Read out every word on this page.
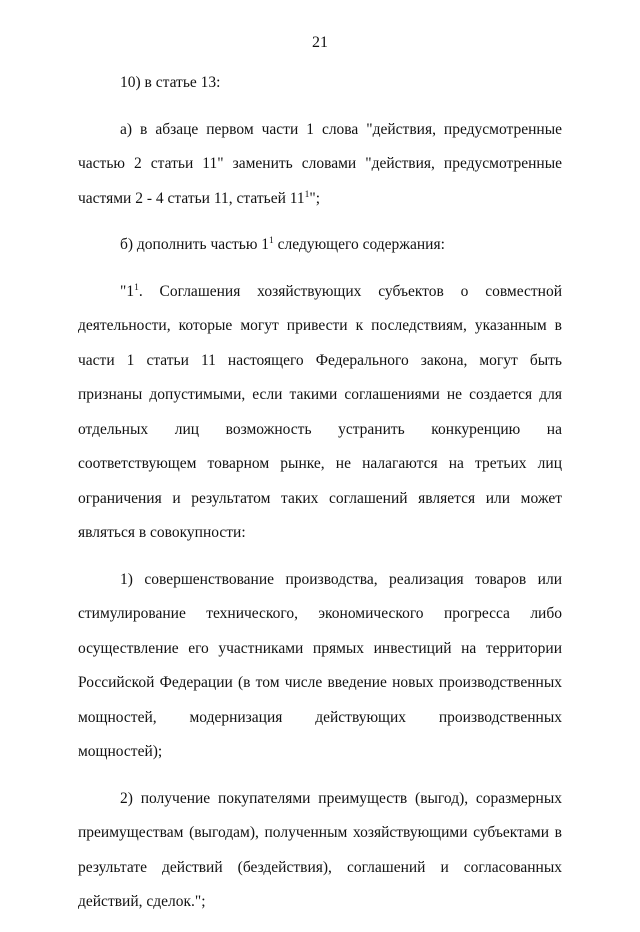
21

10) в статье 13:

а) в абзаце первом части 1 слова "действия, предусмотренные частью 2 статьи 11" заменить словами "действия, предусмотренные частями 2 - 4 статьи 11, статьей $11^1$";

б) дополнить частью $1^1$ следующего содержания:

"$1^1$. Соглашения хозяйствующих субъектов о совместной деятельности, которые могут привести к последствиям, указанным в части 1 статьи 11 настоящего Федерального закона, могут быть признаны допустимыми, если такими соглашениями не создается для отдельных лиц возможность устранить конкуренцию на соответствующем товарном рынке, не налагаются на третьих лиц ограничения и результатом таких соглашений является или может являться в совокупности:

1) совершенствование производства, реализация товаров или стимулирование технического, экономического прогресса либо осуществление его участниками прямых инвестиций на территории Российской Федерации (в том числе введение новых производственных мощностей, модернизация действующих производственных мощностей);

2) получение покупателями преимуществ (выгод), соразмерных преимуществам (выгодам), полученным хозяйствующими субъектами в результате действий (бездействия), соглашений и согласованных действий, сделок.";
